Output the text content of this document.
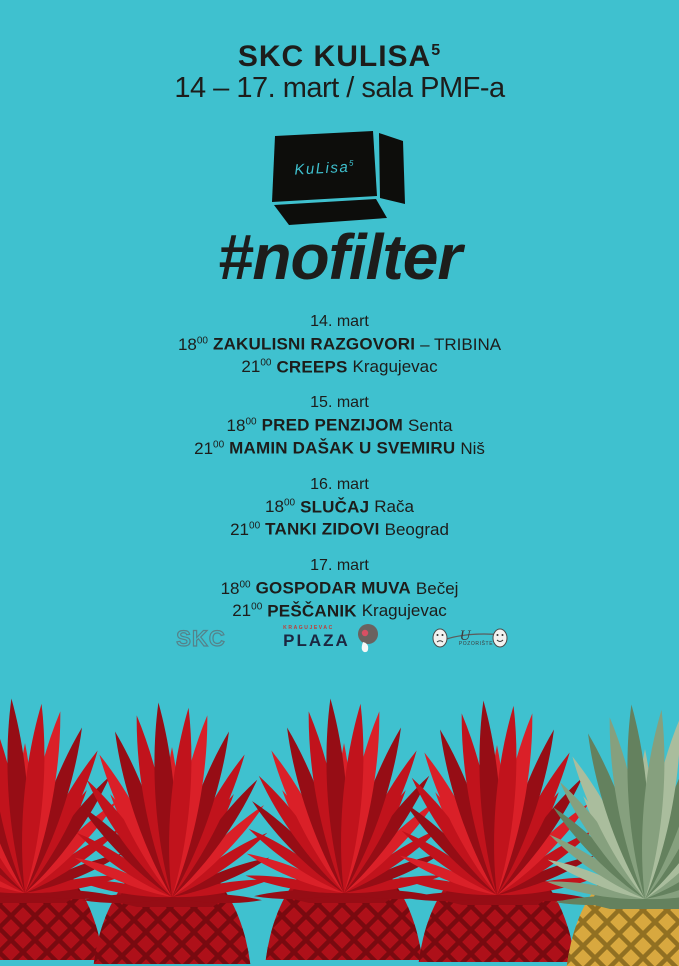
SKC KULISA$^5$
14 – 17. mart / sala PMF-a
KuLisa$^5$
#nofilter
14. mart
$18^{00}$ ZAKULISNI RAZGOVORI – TRIBINA
$21^{00}$ CREEPS Kragujevac
15. mart
$18^{00}$ PRED PENZIJOM Senta
$21^{00}$ MAMIN DAŠAK U SVEMIRU Niš
16. mart
$18^{00}$ SLUČAJ Rača
$21^{00}$ TANKI ZIDOVI Beograd
17. mart
$18^{00}$ GOSPODAR MUVA Bečej
$21^{00}$ PEŠČANIK Kragujevac
SKC	KRAGUJEVAC
PLAZA	U
POZORIŠTE
